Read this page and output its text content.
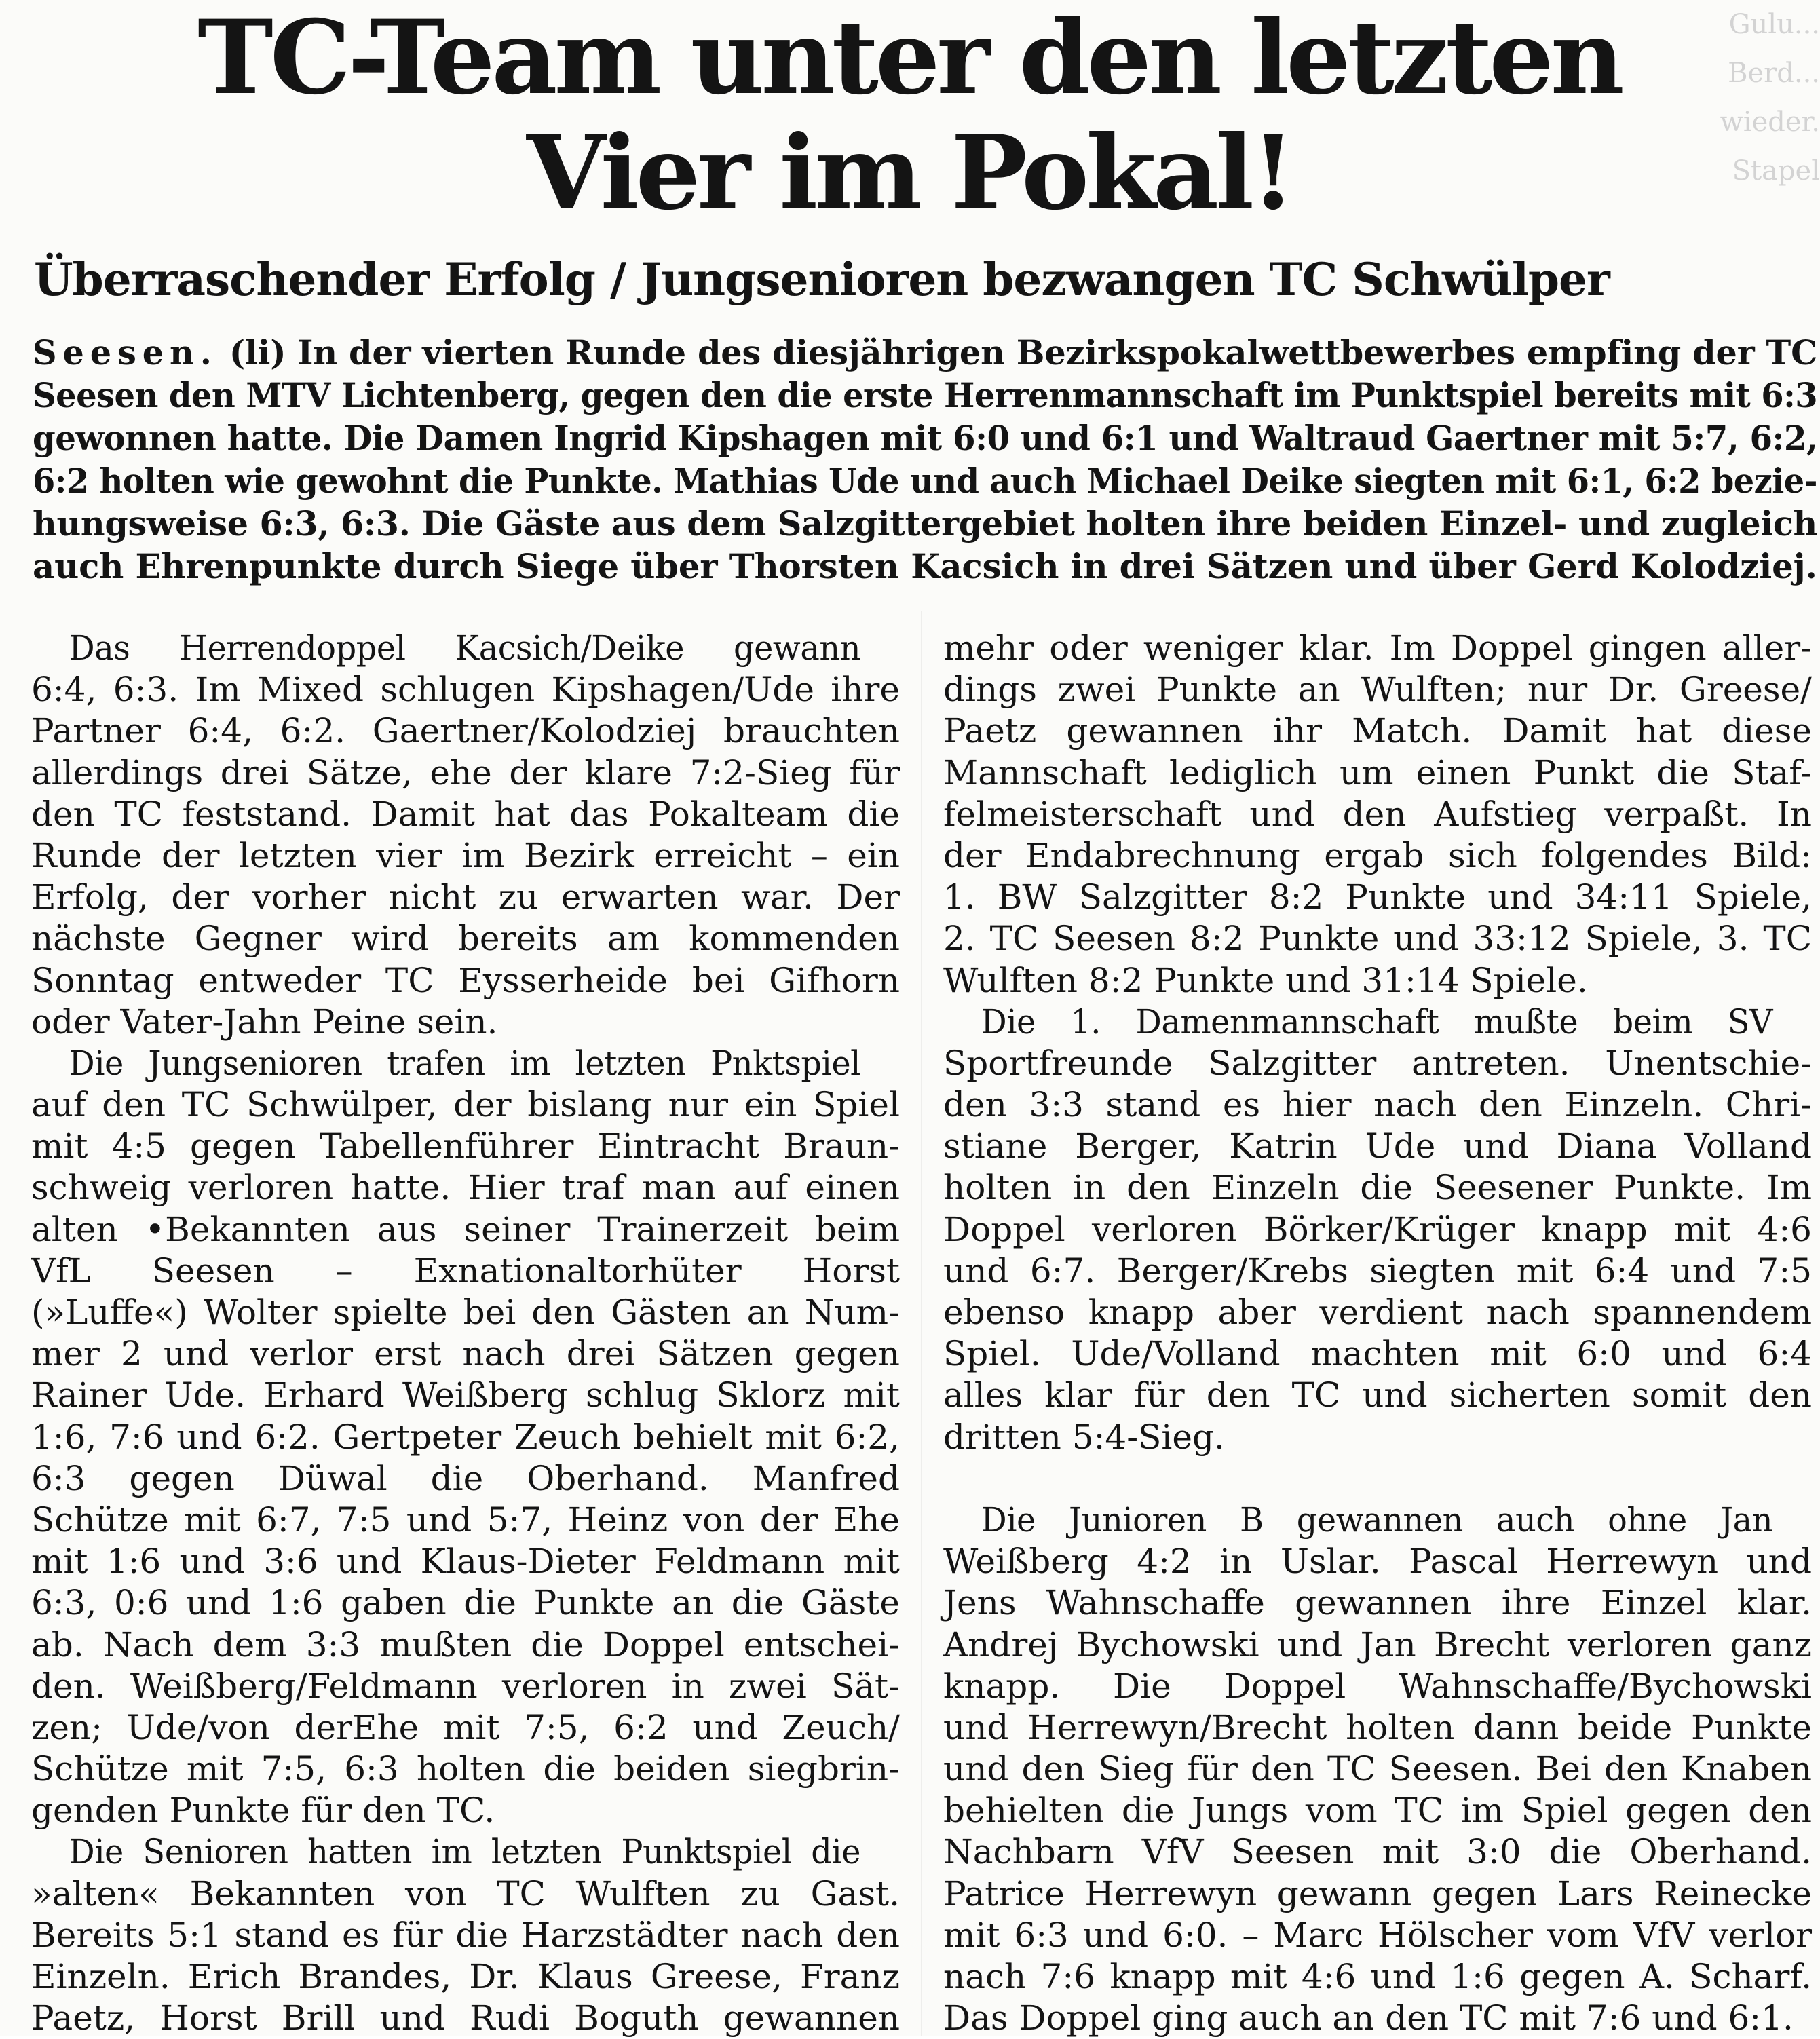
Gulu...
Berd...
wieder. Stapel
TC-Team unter den letzten
Vier im Pokal!
Überraschender Erfolg / Jungsenioren bezwangen TC Schwülper
Seesen. (li) In der vierten Runde des diesjährigen Bezirkspokalwettbewerbes empfing der TC
Seesen den MTV Lichtenberg, gegen den die erste Herrenmannschaft im Punktspiel bereits mit 6:3
gewonnen hatte. Die Damen Ingrid Kipshagen mit 6:0 und 6:1 und Waltraud Gaertner mit 5:7, 6:2,
6:2 holten wie gewohnt die Punkte. Mathias Ude und auch Michael Deike siegten mit 6:1, 6:2 bezie-
hungsweise 6:3, 6:3. Die Gäste aus dem Salzgittergebiet holten ihre beiden Einzel- und zugleich
auch Ehrenpunkte durch Siege über Thorsten Kacsich in drei Sätzen und über Gerd Kolodziej.
Das Herrendoppel Kacsich/Deike gewann
6:4, 6:3. Im Mixed schlugen Kipshagen/Ude ihre
Partner 6:4, 6:2. Gaertner/Kolodziej brauchten
allerdings drei Sätze, ehe der klare 7:2-Sieg für
den TC feststand. Damit hat das Pokalteam die
Runde der letzten vier im Bezirk erreicht – ein
Erfolg, der vorher nicht zu erwarten war. Der
nächste Gegner wird bereits am kommenden
Sonntag entweder TC Eysserheide bei Gifhorn
oder Vater-Jahn Peine sein.
Die Jungsenioren trafen im letzten Pnktspiel
auf den TC Schwülper, der bislang nur ein Spiel
mit 4:5 gegen Tabellenführer Eintracht Braun-
schweig verloren hatte. Hier traf man auf einen
alten •Bekannten aus seiner Trainerzeit beim
VfL Seesen – Exnationaltorhüter Horst
(»Luffe«) Wolter spielte bei den Gästen an Num-
mer 2 und verlor erst nach drei Sätzen gegen
Rainer Ude. Erhard Weißberg schlug Sklorz mit
1:6, 7:6 und 6:2. Gertpeter Zeuch behielt mit 6:2,
6:3 gegen Düwal die Oberhand. Manfred
Schütze mit 6:7, 7:5 und 5:7, Heinz von der Ehe
mit 1:6 und 3:6 und Klaus-Dieter Feldmann mit
6:3, 0:6 und 1:6 gaben die Punkte an die Gäste
ab. Nach dem 3:3 mußten die Doppel entschei-
den. Weißberg/Feldmann verloren in zwei Sät-
zen; Ude/von derEhe mit 7:5, 6:2 und Zeuch/
Schütze mit 7:5, 6:3 holten die beiden siegbrin-
genden Punkte für den TC.
Die Senioren hatten im letzten Punktspiel die
»alten« Bekannten von TC Wulften zu Gast.
Bereits 5:1 stand es für die Harzstädter nach den
Einzeln. Erich Brandes, Dr. Klaus Greese, Franz
Paetz, Horst Brill und Rudi Boguth gewannen
mehr oder weniger klar. Im Doppel gingen aller-
dings zwei Punkte an Wulften; nur Dr. Greese/
Paetz gewannen ihr Match. Damit hat diese
Mannschaft lediglich um einen Punkt die Staf-
felmeisterschaft und den Aufstieg verpaßt. In
der Endabrechnung ergab sich folgendes Bild:
1. BW Salzgitter 8:2 Punkte und 34:11 Spiele,
2. TC Seesen 8:2 Punkte und 33:12 Spiele, 3. TC
Wulften 8:2 Punkte und 31:14 Spiele.
Die 1. Damenmannschaft mußte beim SV
Sportfreunde Salzgitter antreten. Unentschie-
den 3:3 stand es hier nach den Einzeln. Chri-
stiane Berger, Katrin Ude und Diana Volland
holten in den Einzeln die Seesener Punkte. Im
Doppel verloren Börker/Krüger knapp mit 4:6
und 6:7. Berger/Krebs siegten mit 6:4 und 7:5
ebenso knapp aber verdient nach spannendem
Spiel. Ude/Volland machten mit 6:0 und 6:4
alles klar für den TC und sicherten somit den
dritten 5:4-Sieg.
Die Junioren B gewannen auch ohne Jan
Weißberg 4:2 in Uslar. Pascal Herrewyn und
Jens Wahnschaffe gewannen ihre Einzel klar.
Andrej Bychowski und Jan Brecht verloren ganz
knapp. Die Doppel Wahnschaffe/Bychowski
und Herrewyn/Brecht holten dann beide Punkte
und den Sieg für den TC Seesen. Bei den Knaben
behielten die Jungs vom TC im Spiel gegen den
Nachbarn VfV Seesen mit 3:0 die Oberhand.
Patrice Herrewyn gewann gegen Lars Reinecke
mit 6:3 und 6:0. – Marc Hölscher vom VfV verlor
nach 7:6 knapp mit 4:6 und 1:6 gegen A. Scharf.
Das Doppel ging auch an den TC mit 7:6 und 6:1.
